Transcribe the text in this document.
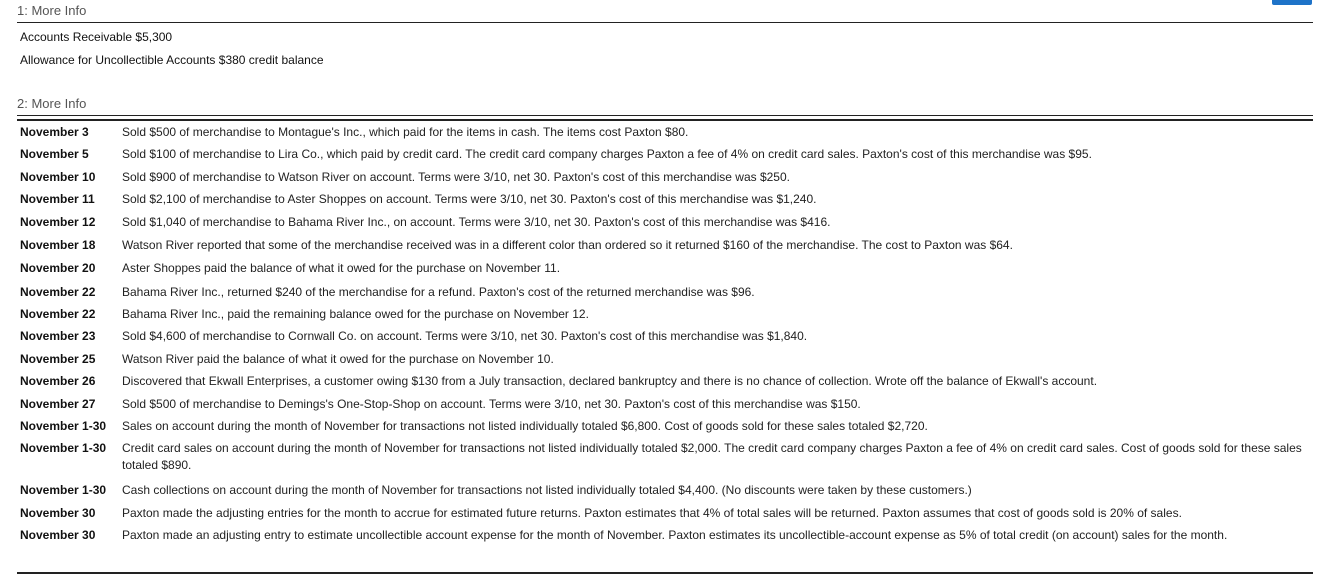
1: More Info
Accounts Receivable $5,300
Allowance for Uncollectible Accounts $380 credit balance
2: More Info
November 3	Sold $500 of merchandise to Montague's Inc., which paid for the items in cash. The items cost Paxton $80.
November 5	Sold $100 of merchandise to Lira Co., which paid by credit card. The credit card company charges Paxton a fee of 4% on credit card sales. Paxton's cost of this merchandise was $95.
November 10	Sold $900 of merchandise to Watson River on account. Terms were 3/10, net 30. Paxton's cost of this merchandise was $250.
November 11	Sold $2,100 of merchandise to Aster Shoppes on account. Terms were 3/10, net 30. Paxton's cost of this merchandise was $1,240.
November 12	Sold $1,040 of merchandise to Bahama River Inc., on account. Terms were 3/10, net 30. Paxton's cost of this merchandise was $416.
November 18	Watson River reported that some of the merchandise received was in a different color than ordered so it returned $160 of the merchandise. The cost to Paxton was $64.
November 20	Aster Shoppes paid the balance of what it owed for the purchase on November 11.
November 22	Bahama River Inc., returned $240 of the merchandise for a refund. Paxton's cost of the returned merchandise was $96.
November 22	Bahama River Inc., paid the remaining balance owed for the purchase on November 12.
November 23	Sold $4,600 of merchandise to Cornwall Co. on account. Terms were 3/10, net 30. Paxton's cost of this merchandise was $1,840.
November 25	Watson River paid the balance of what it owed for the purchase on November 10.
November 26	Discovered that Ekwall Enterprises, a customer owing $130 from a July transaction, declared bankruptcy and there is no chance of collection. Wrote off the balance of Ekwall's account.
November 27	Sold $500 of merchandise to Demings's One-Stop-Shop on account. Terms were 3/10, net 30. Paxton's cost of this merchandise was $150.
November 1-30	Sales on account during the month of November for transactions not listed individually totaled $6,800. Cost of goods sold for these sales totaled $2,720.
November 1-30	Credit card sales on account during the month of November for transactions not listed individually totaled $2,000. The credit card company charges Paxton a fee of 4% on credit card sales. Cost of goods sold for these sales totaled $890.
November 1-30	Cash collections on account during the month of November for transactions not listed individually totaled $4,400. (No discounts were taken by these customers.)
November 30	Paxton made the adjusting entries for the month to accrue for estimated future returns. Paxton estimates that 4% of total sales will be returned. Paxton assumes that cost of goods sold is 20% of sales.
November 30	Paxton made an adjusting entry to estimate uncollectible account expense for the month of November. Paxton estimates its uncollectible-account expense as 5% of total credit (on account) sales for the month.
